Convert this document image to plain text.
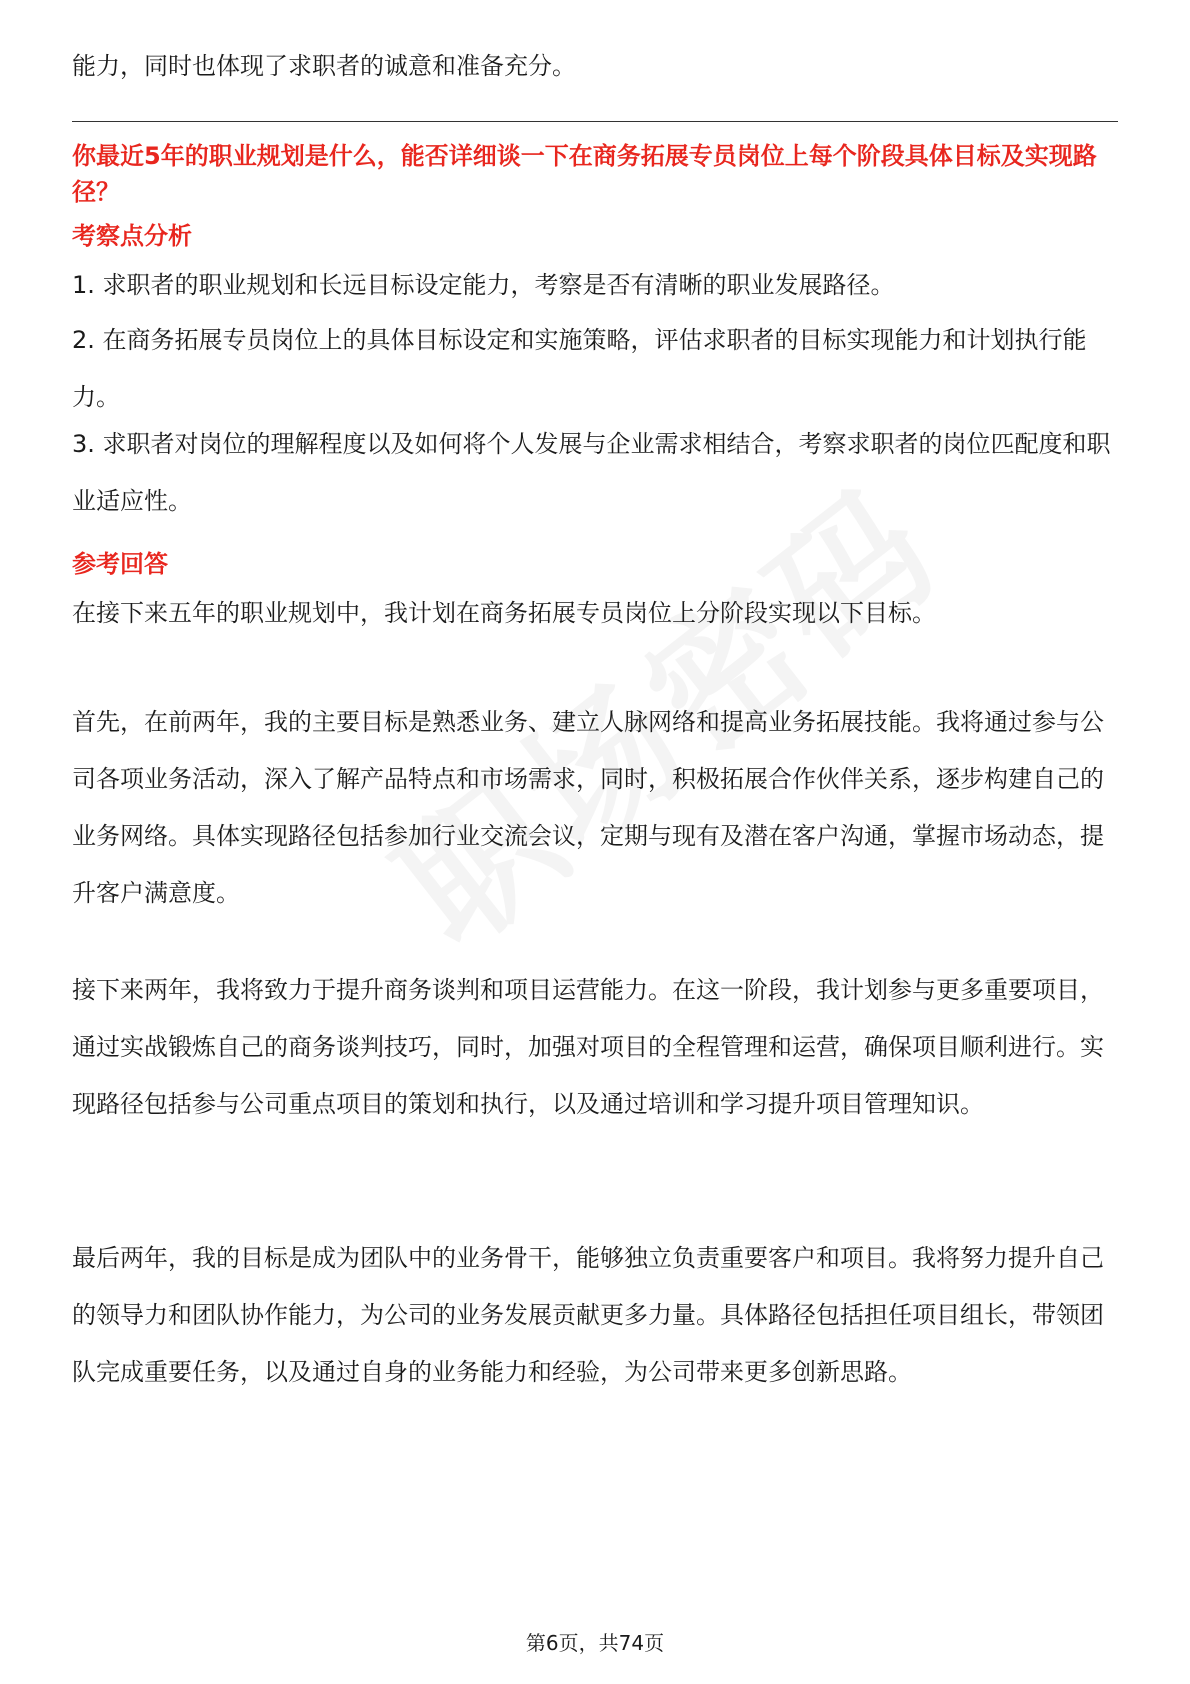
能力，同时也体现了求职者的诚意和准备充分。

你最近5年的职业规划是什么，能否详细谈一下在商务拓展专员岗位上每个阶段具体目标及实现路径？

考察点分析

1. 求职者的职业规划和长远目标设定能力，考察是否有清晰的职业发展路径。

2. 在商务拓展专员岗位上的具体目标设定和实施策略，评估求职者的目标实现能力和计划执行能力。

3. 求职者对岗位的理解程度以及如何将个人发展与企业需求相结合，考察求职者的岗位匹配度和职业适应性。

参考回答

在接下来五年的职业规划中，我计划在商务拓展专员岗位上分阶段实现以下目标。

首先，在前两年，我的主要目标是熟悉业务、建立人脉网络和提高业务拓展技能。我将通过参与公司各项业务活动，深入了解产品特点和市场需求，同时，积极拓展合作伙伴关系，逐步构建自己的业务网络。具体实现路径包括参加行业交流会议，定期与现有及潜在客户沟通，掌握市场动态，提升客户满意度。

接下来两年，我将致力于提升商务谈判和项目运营能力。在这一阶段，我计划参与更多重要项目，通过实战锻炼自己的商务谈判技巧，同时，加强对项目的全程管理和运营，确保项目顺利进行。实现路径包括参与公司重点项目的策划和执行，以及通过培训和学习提升项目管理知识。

最后两年，我的目标是成为团队中的业务骨干，能够独立负责重要客户和项目。我将努力提升自己的领导力和团队协作能力，为公司的业务发展贡献更多力量。具体路径包括担任项目组长，带领团队完成重要任务，以及通过自身的业务能力和经验，为公司带来更多创新思路。

第6页，共74页
